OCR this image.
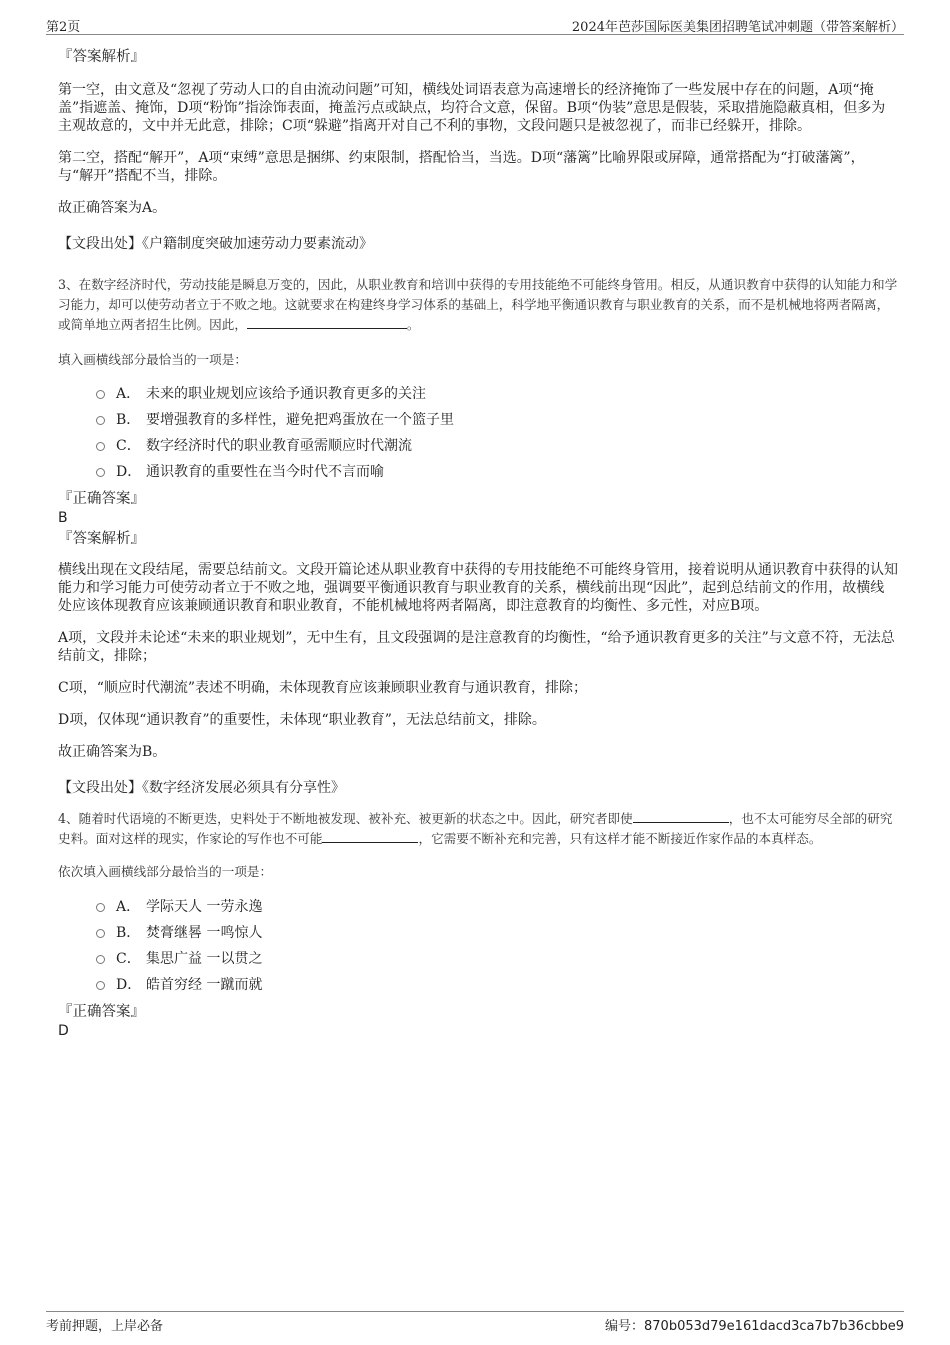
第2页	2024年芭莎国际医美集团招聘笔试冲刺题（带答案解析）

『答案解析』

第一空，由文意及“忽视了劳动人口的自由流动问题”可知，横线处词语表意为高速增长的经济掩饰了一些发展中存在的问题，A项“掩盖”指遮盖、掩饰，D项“粉饰”指涂饰表面，掩盖污点或缺点，均符合文意，保留。B项“伪装”意思是假装，采取措施隐蔽真相，但多为主观故意的，文中并无此意，排除；C项“躲避”指离开对自己不利的事物，文段问题只是被忽视了，而非已经躲开，排除。

第二空，搭配“解开”，A项“束缚”意思是捆绑、约束限制，搭配恰当，当选。D项“藩篱”比喻界限或屏障，通常搭配为“打破藩篱”，与“解开”搭配不当，排除。

故正确答案为A。

【文段出处】《户籍制度突破加速劳动力要素流动》

3、在数字经济时代，劳动技能是瞬息万变的，因此，从职业教育和培训中获得的专用技能绝不可能终身管用。相反，从通识教育中获得的认知能力和学习能力，却可以使劳动者立于不败之地。这就要求在构建终身学习体系的基础上，科学地平衡通识教育与职业教育的关系，而不是机械地将两者隔离，或简单地立两者招生比例。因此，	。

填入画横线部分最恰当的一项是：

A． 未来的职业规划应该给予通识教育更多的关注
B． 要增强教育的多样性，避免把鸡蛋放在一个篮子里
C． 数字经济时代的职业教育亟需顺应时代潮流
D． 通识教育的重要性在当今时代不言而喻

『正确答案』

B

『答案解析』

横线出现在文段结尾，需要总结前文。文段开篇论述从职业教育中获得的专用技能绝不可能终身管用，接着说明从通识教育中获得的认知能力和学习能力可使劳动者立于不败之地，强调要平衡通识教育与职业教育的关系，横线前出现“因此”，起到总结前文的作用，故横线处应该体现教育应该兼顾通识教育和职业教育，不能机械地将两者隔离，即注意教育的均衡性、多元性，对应B项。

A项，文段并未论述“未来的职业规划”，无中生有，且文段强调的是注意教育的均衡性，“给予通识教育更多的关注”与文意不符，无法总结前文，排除；

C项，“顺应时代潮流”表述不明确，未体现教育应该兼顾职业教育与通识教育，排除；

D项，仅体现“通识教育”的重要性，未体现“职业教育”，无法总结前文，排除。

故正确答案为B。

【文段出处】《数字经济发展必须具有分享性》

4、随着时代语境的不断更迭，史料处于不断地被发现、被补充、被更新的状态之中。因此，研究者即使	，也不太可能穷尽全部的研究史料。面对这样的现实，作家论的写作也不可能	，它需要不断补充和完善，只有这样才能不断接近作家作品的本真样态。

依次填入画横线部分最恰当的一项是：

A． 学际天人 一劳永逸
B． 焚膏继晷 一鸣惊人
C． 集思广益 一以贯之
D． 皓首穷经 一蹴而就

『正确答案』

D

考前押题，上岸必备	编号：870b053d79e161dacd3ca7b7b36cbbe9
